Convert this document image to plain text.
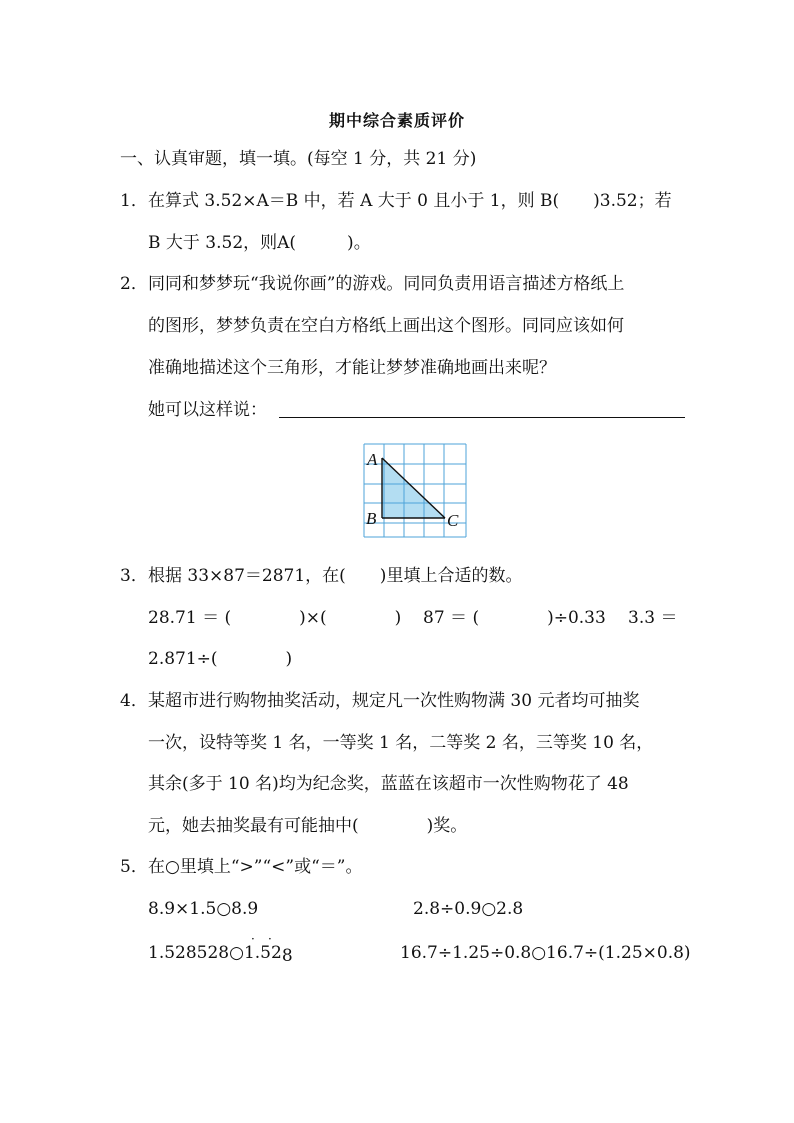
期中综合素质评价
一、认真审题，填一填。(每空 1 分，共 21 分)
1．在算式 3.52×A＝B 中，若 A 大于 0 且小于 1，则 B(　　)3.52；若
B 大于 3.52，则A(　　　)。
2．同同和梦梦玩“我说你画”的游戏。同同负责用语言描述方格纸上
的图形，梦梦负责在空白方格纸上画出这个图形。同同应该如何
准确地描述这个三角形，才能让梦梦准确地画出来呢？
她可以这样说：
A
B	C
3．根据 33×87＝2871，在(　　)里填上合适的数。
28.71 ＝ (　　　　)×(　　　　) 87 ＝ (　　　　)÷0.33 3.3 ＝
2.871÷(　　　　)
4．某超市进行购物抽奖活动，规定凡一次性购物满 30 元者均可抽奖
一次，设特等奖 1 名，一等奖 1 名，二等奖 2 名，三等奖 10 名，
其余(多于 10 名)均为纪念奖，蓝蓝在该超市一次性购物花了 48
元，她去抽奖最有可能抽中(　　　　)奖。
5．在○里填上“>”“<”或“＝”。
8.9×1.5○8.9	2.8÷0.9○2.8
1.528528○1.528
· ·
16.7÷1.25÷0.8○16.7÷(1.25×0.8)
